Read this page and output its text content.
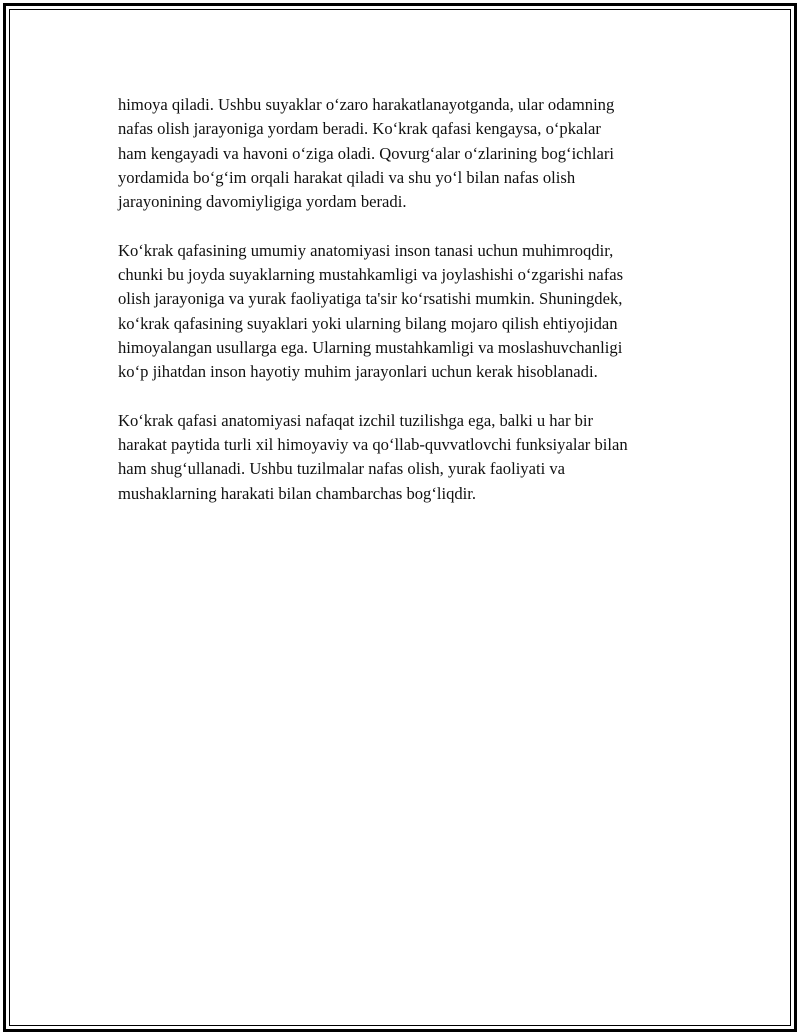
himoya qiladi. Ushbu suyaklar oʻzaro harakatlanayotganda, ular odamning
nafas olish jarayoniga yordam beradi. Koʻkrak qafasi kengaysa, oʻpkalar
ham kengayadi va havoni oʻziga oladi. Qovurgʻalar oʻzlarining bogʻichlari
yordamida boʻgʻim orqali harakat qiladi va shu yoʻl bilan nafas olish
jarayonining davomiyligiga yordam beradi.

Koʻkrak qafasining umumiy anatomiyasi inson tanasi uchun muhimroqdir,
chunki bu joyda suyaklarning mustahkamligi va joylashishi oʻzgarishi nafas
olish jarayoniga va yurak faoliyatiga ta'sir koʻrsatishi mumkin. Shuningdek,
koʻkrak qafasining suyaklari yoki ularning bilang mojaro qilish ehtiyojidan
himoyalangan usullarga ega. Ularning mustahkamligi va moslashuvchanligi
koʻp jihatdan inson hayotiy muhim jarayonlari uchun kerak hisoblanadi.

Koʻkrak qafasi anatomiyasi nafaqat izchil tuzilishga ega, balki u har bir
harakat paytida turli xil himoyaviy va qoʻllab-quvvatlovchi funksiyalar bilan
ham shugʻullanadi. Ushbu tuzilmalar nafas olish, yurak faoliyati va
mushaklarning harakati bilan chambarchas bogʻliqdir.
